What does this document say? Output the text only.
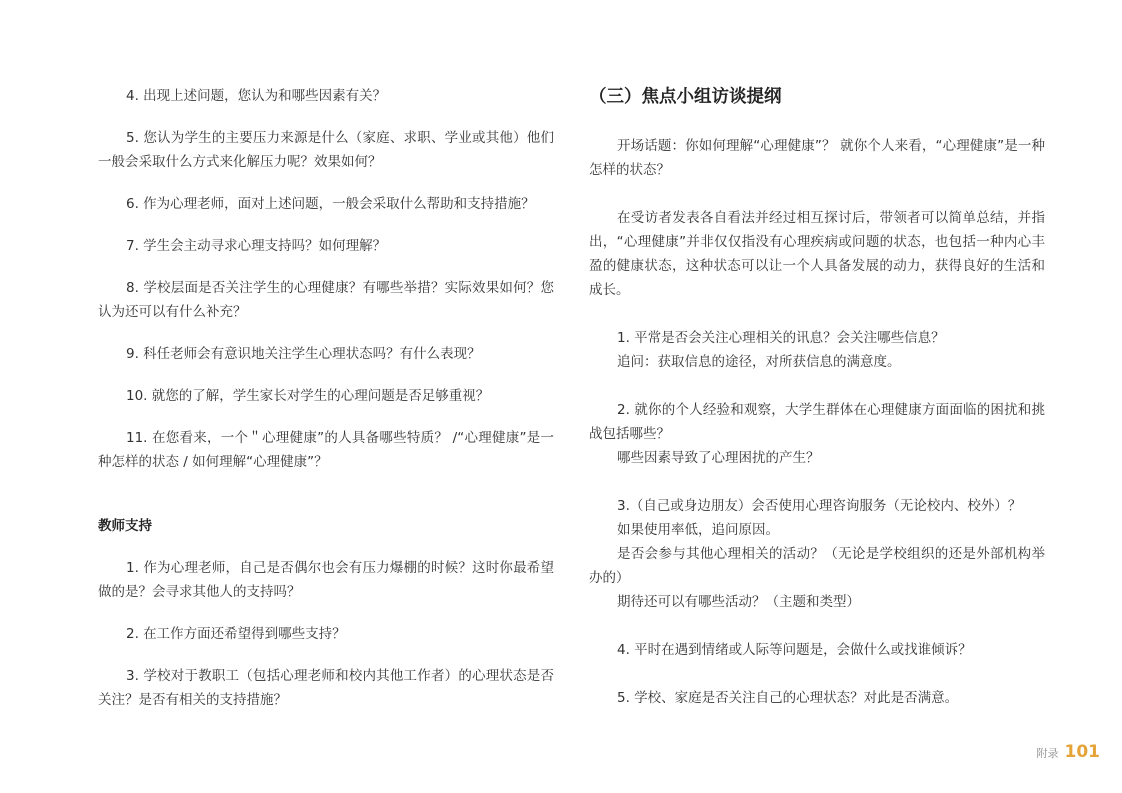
4. 出现上述问题，您认为和哪些因素有关？

5. 您认为学生的主要压力来源是什么（家庭、求职、学业或其他）他们一般会采取什么方式来化解压力呢？效果如何？

6. 作为心理老师，面对上述问题，一般会采取什么帮助和支持措施？

7. 学生会主动寻求心理支持吗？如何理解？

8. 学校层面是否关注学生的心理健康？有哪些举措？实际效果如何？您认为还可以有什么补充？

9. 科任老师会有意识地关注学生心理状态吗？有什么表现？

10. 就您的了解，学生家长对学生的心理问题是否足够重视？

11. 在您看来，一个＂心理健康”的人具备哪些特质？ /“心理健康”是一种怎样的状态 / 如何理解“心理健康”？

教师支持

1. 作为心理老师，自己是否偶尔也会有压力爆棚的时候？这时你最希望做的是？会寻求其他人的支持吗？

2. 在工作方面还希望得到哪些支持？

3. 学校对于教职工（包括心理老师和校内其他工作者）的心理状态是否关注？是否有相关的支持措施？

（三）焦点小组访谈提纲

开场话题：你如何理解“心理健康”？ 就你个人来看，“心理健康”是一种怎样的状态？

在受访者发表各自看法并经过相互探讨后，带领者可以简单总结，并指出，“心理健康”并非仅仅指没有心理疾病或问题的状态，也包括一种内心丰盈的健康状态，这种状态可以让一个人具备发展的动力，获得良好的生活和成长。

1. 平常是否会关注心理相关的讯息？会关注哪些信息？

追问：获取信息的途径，对所获信息的满意度。

2. 就你的个人经验和观察，大学生群体在心理健康方面面临的困扰和挑战包括哪些？

哪些因素导致了心理困扰的产生？

3.（自己或身边朋友）会否使用心理咨询服务（无论校内、校外）？

如果使用率低，追问原因。

是否会参与其他心理相关的活动？（无论是学校组织的还是外部机构举办的）

期待还可以有哪些活动？（主题和类型）

4. 平时在遇到情绪或人际等问题是，会做什么或找谁倾诉？

5. 学校、家庭是否关注自己的心理状态？对此是否满意。

附录 101
